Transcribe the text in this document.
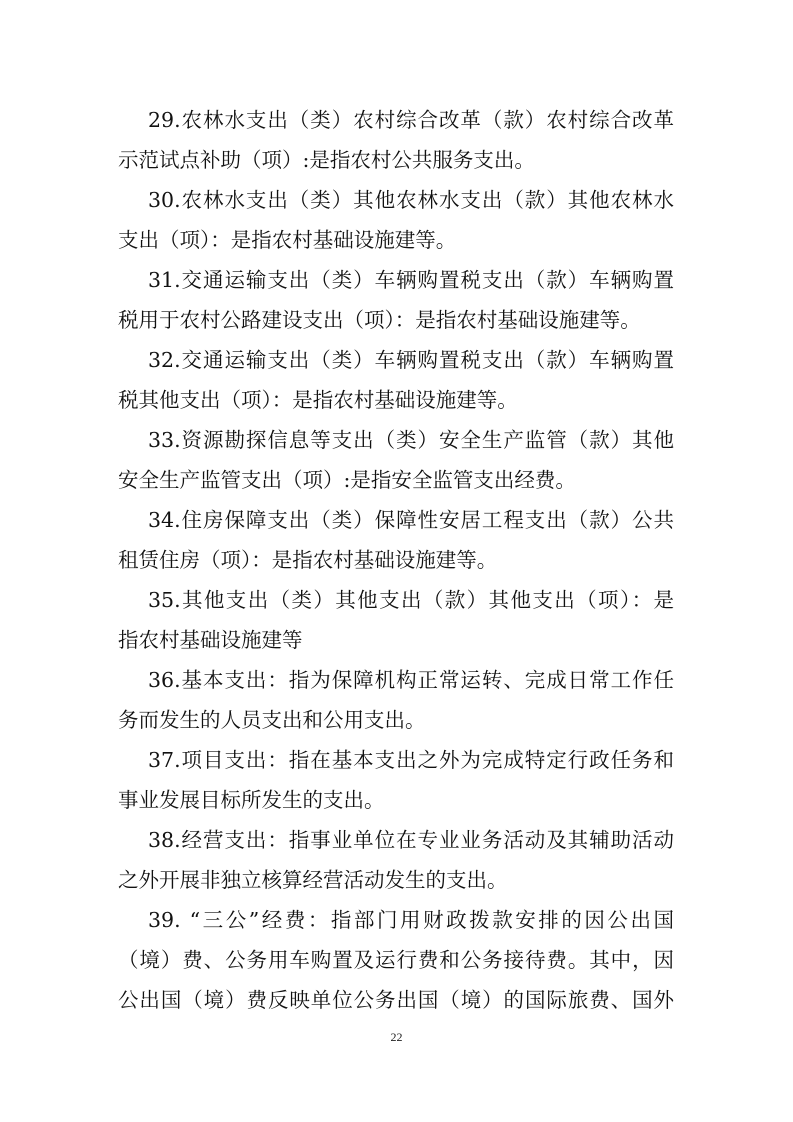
29.农林水支出（类）农村综合改革（款）农村综合改革
示范试点补助（项）:是指农村公共服务支出。
30.农林水支出（类）其他农林水支出（款）其他农林水
支出（项）：是指农村基础设施建等。
31.交通运输支出（类）车辆购置税支出（款）车辆购置
税用于农村公路建设支出（项）：是指农村基础设施建等。
32.交通运输支出（类）车辆购置税支出（款）车辆购置
税其他支出（项）：是指农村基础设施建等。
33.资源勘探信息等支出（类）安全生产监管（款）其他
安全生产监管支出（项）:是指安全监管支出经费。
34.住房保障支出（类）保障性安居工程支出（款）公共
租赁住房（项）：是指农村基础设施建等。
35.其他支出（类）其他支出（款）其他支出（项）：是
指农村基础设施建等
36.基本支出：指为保障机构正常运转、完成日常工作任
务而发生的人员支出和公用支出。
37.项目支出：指在基本支出之外为完成特定行政任务和
事业发展目标所发生的支出。
38.经营支出：指事业单位在专业业务活动及其辅助活动
之外开展非独立核算经营活动发生的支出。
39. “三公”经费：指部门用财政拨款安排的因公出国
（境）费、公务用车购置及运行费和公务接待费。其中，因
公出国（境）费反映单位公务出国（境）的国际旅费、国外
22
